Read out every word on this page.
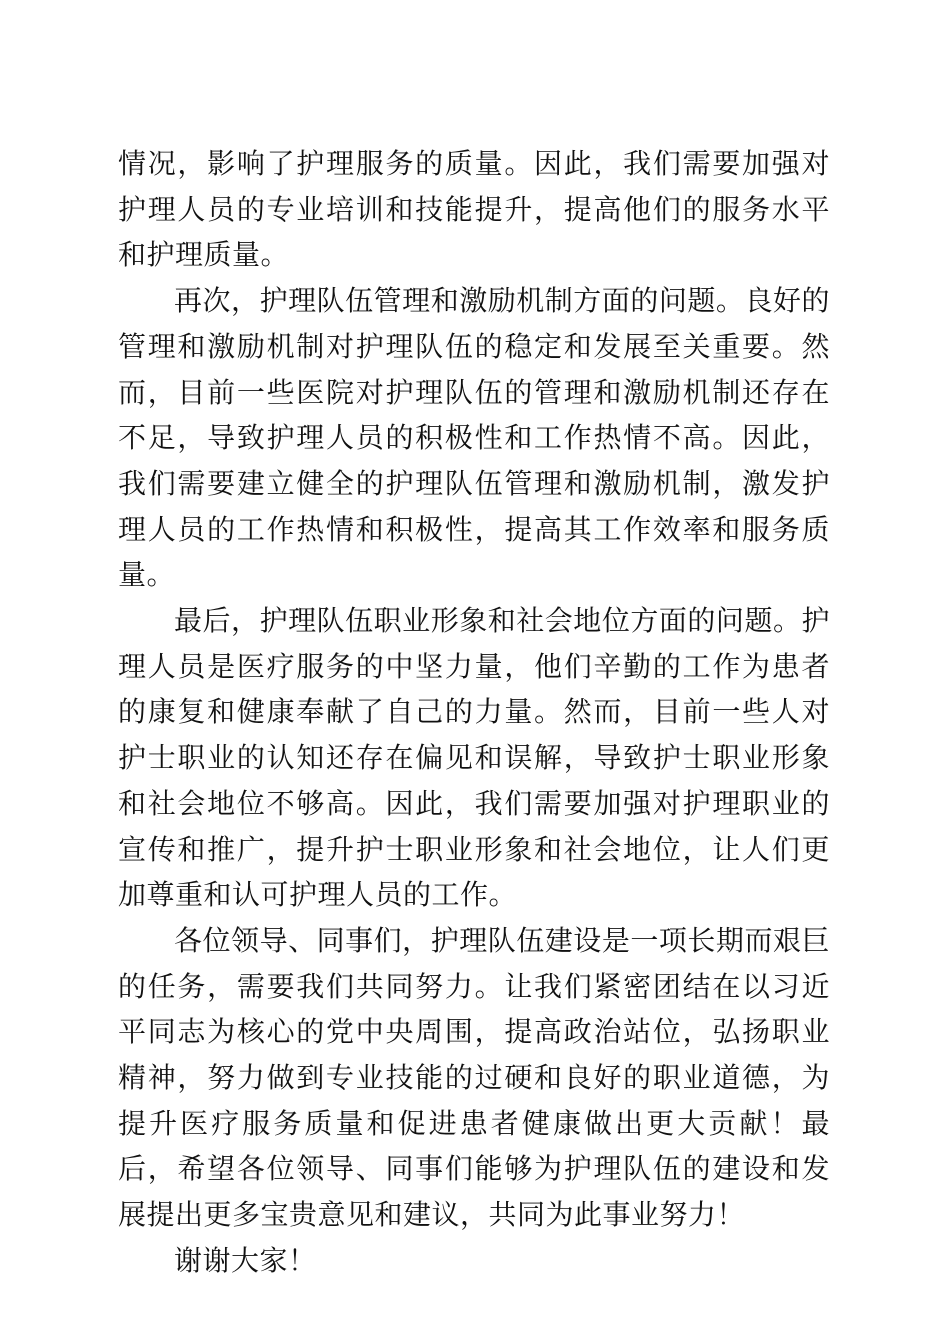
情况，影响了护理服务的质量。因此，我们需要加强对护理人员的专业培训和技能提升，提高他们的服务水平和护理质量。

再次，护理队伍管理和激励机制方面的问题。良好的管理和激励机制对护理队伍的稳定和发展至关重要。然而，目前一些医院对护理队伍的管理和激励机制还存在不足，导致护理人员的积极性和工作热情不高。因此，我们需要建立健全的护理队伍管理和激励机制，激发护理人员的工作热情和积极性，提高其工作效率和服务质量。

最后，护理队伍职业形象和社会地位方面的问题。护理人员是医疗服务的中坚力量，他们辛勤的工作为患者的康复和健康奉献了自己的力量。然而，目前一些人对护士职业的认知还存在偏见和误解，导致护士职业形象和社会地位不够高。因此，我们需要加强对护理职业的宣传和推广，提升护士职业形象和社会地位，让人们更加尊重和认可护理人员的工作。

各位领导、同事们，护理队伍建设是一项长期而艰巨的任务，需要我们共同努力。让我们紧密团结在以习近平同志为核心的党中央周围，提高政治站位，弘扬职业精神，努力做到专业技能的过硬和良好的职业道德，为提升医疗服务质量和促进患者健康做出更大贡献！最后，希望各位领导、同事们能够为护理队伍的建设和发展提出更多宝贵意见和建议，共同为此事业努力！

谢谢大家！
